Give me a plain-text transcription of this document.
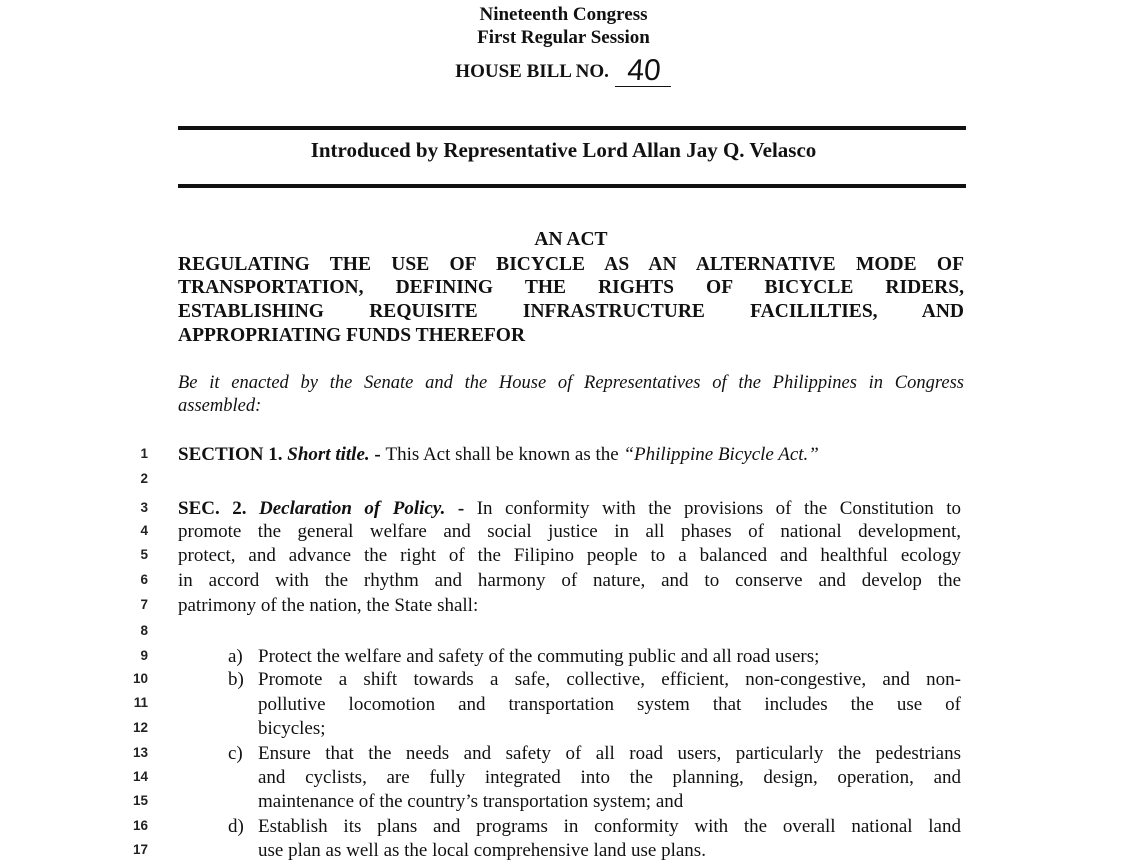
Nineteenth Congress
First Regular Session
HOUSE BILL NO. 40
Introduced by Representative Lord Allan Jay Q. Velasco
AN ACT
REGULATING THE USE OF BICYCLE AS AN ALTERNATIVE MODE OF
TRANSPORTATION, DEFINING THE RIGHTS OF BICYCLE RIDERS,
ESTABLISHING REQUISITE INFRASTRUCTURE FACILILTIES, AND
APPROPRIATING FUNDS THEREFOR
Be it enacted by the Senate and the House of Representatives of the Philippines in Congress
assembled:
1
2
3
4
5
6
7
8
9
10
11
12
13
14
15
16
17
SECTION 1. Short title. - This Act shall be known as the “Philippine Bicycle Act.”
SEC. 2. Declaration of Policy. - In conformity with the provisions of the Constitution to
promote the general welfare and social justice in all phases of national development,
protect, and advance the right of the Filipino people to a balanced and healthful ecology
in accord with the rhythm and harmony of nature, and to conserve and develop the
patrimony of the nation, the State shall:
a) Protect the welfare and safety of the commuting public and all road users;
b) Promote a shift towards a safe, collective, efficient, non-congestive, and non-
pollutive locomotion and transportation system that includes the use of
bicycles;
c) Ensure that the needs and safety of all road users, particularly the pedestrians
and cyclists, are fully integrated into the planning, design, operation, and
maintenance of the country’s transportation system; and
d) Establish its plans and programs in conformity with the overall national land
use plan as well as the local comprehensive land use plans.
